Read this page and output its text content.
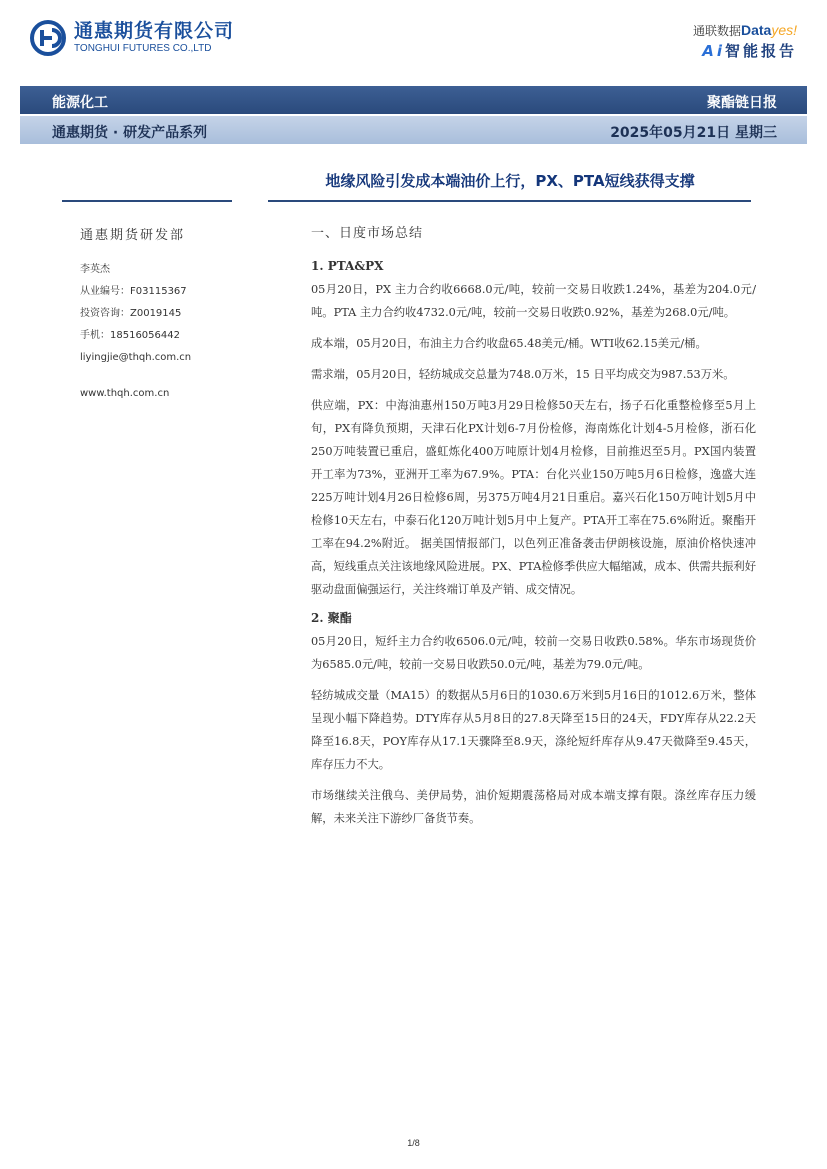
通惠期货有限公司
TONGHUI FUTURES CO.,LTD
通联数据Datayes!
Ai智能报告
能源化工	聚酯链日报
通惠期货 · 研发产品系列	2025年05月21日 星期三
地缘风险引发成本端油价上行，PX、PTA短线获得支撑
通惠期货研发部
李英杰
从业编号：F03115367
投资咨询：Z0019145
手机：18516056442
liyingjie@thqh.com.cn
www.thqh.com.cn
一、日度市场总结
1. PTA&PX

05月20日，PX 主力合约收6668.0元/吨，较前一交易日收跌1.24%，基差为204.0元/吨。PTA 主力合约收4732.0元/吨，较前一交易日收跌0.92%，基差为268.0元/吨。

成本端，05月20日，布油主力合约收盘65.48美元/桶。WTI收62.15美元/桶。

需求端，05月20日，轻纺城成交总量为748.0万米，15 日平均成交为987.53万米。

供应端，PX：中海油惠州150万吨3月29日检修50天左右，扬子石化重整检修至5月上旬，PX有降负预期，天津石化PX计划6-7月份检修，海南炼化计划4-5月检修，浙石化250万吨装置已重启，盛虹炼化400万吨原计划4月检修，目前推迟至5月。PX国内装置开工率为73%，亚洲开工率为67.9%。PTA：台化兴业150万吨5月6日检修，逸盛大连225万吨计划4月26日检修6周，另375万吨4月21日重启。嘉兴石化150万吨计划5月中检修10天左右，中泰石化120万吨计划5月中上复产。PTA开工率在75.6%附近。聚酯开工率在94.2%附近。 据美国情报部门，以色列正准备袭击伊朗核设施，原油价格快速冲高，短线重点关注该地缘风险进展。PX、PTA检修季供应大幅缩减，成本、供需共振利好驱动盘面偏强运行，关注终端订单及产销、成交情况。

2. 聚酯

05月20日，短纤主力合约收6506.0元/吨，较前一交易日收跌0.58%。华东市场现货价为6585.0元/吨，较前一交易日收跌50.0元/吨，基差为79.0元/吨。

轻纺城成交量（MA15）的数据从5月6日的1030.6万米到5月16日的1012.6万米，整体呈现小幅下降趋势。DTY库存从5月8日的27.8天降至15日的24天，FDY库存从22.2天降至16.8天，POY库存从17.1天骤降至8.9天，涤纶短纤库存从9.47天微降至9.45天，库存压力不大。

市场继续关注俄乌、美伊局势，油价短期震荡格局对成本端支撑有限。涤丝库存压力缓解，未来关注下游纱厂备货节奏。

1/8
